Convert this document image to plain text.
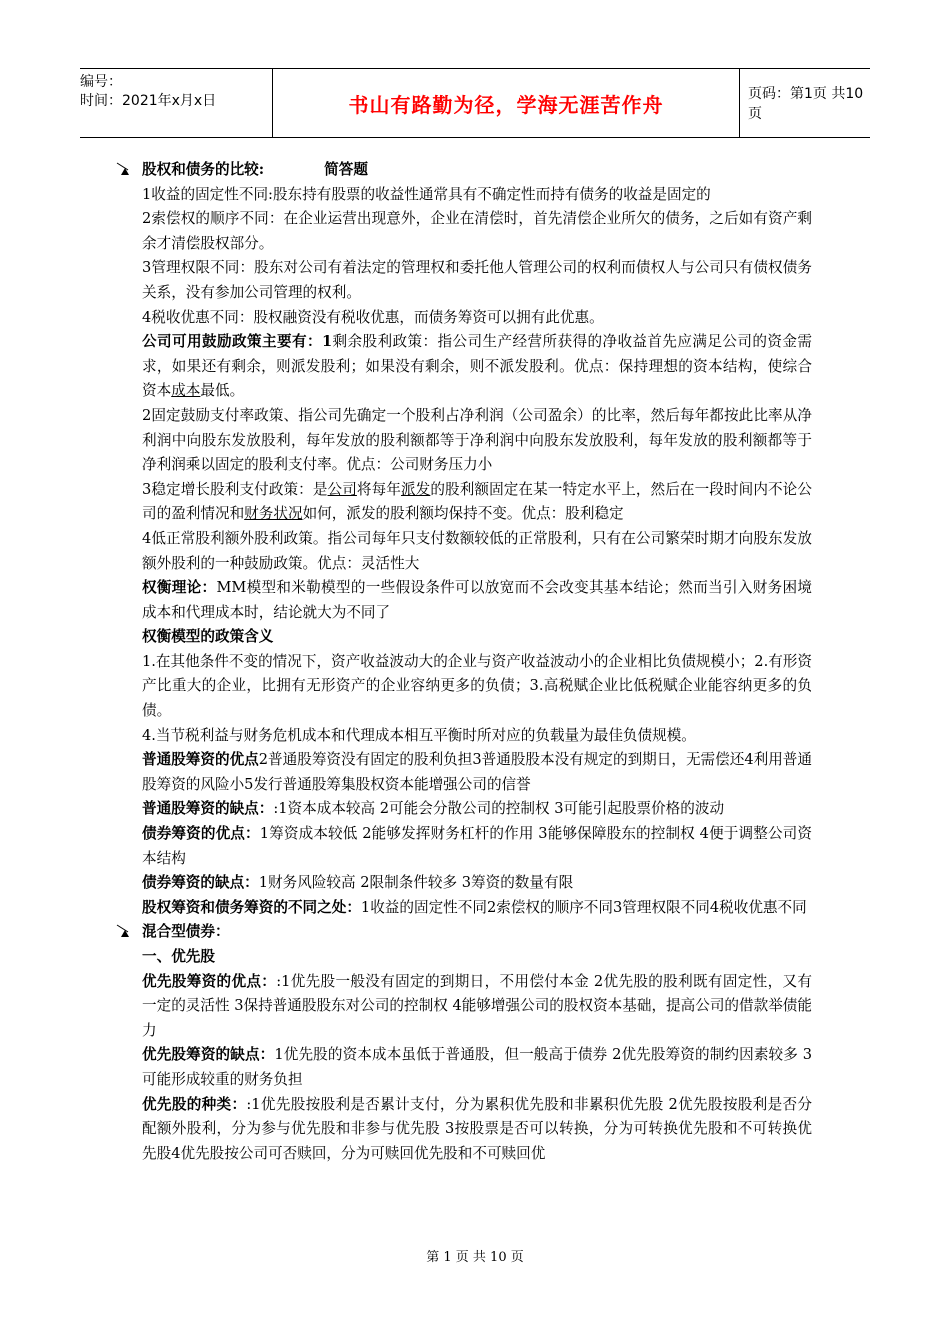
编号：
时间：2021年x月x日	书山有路勤为径，学海无涯苦作舟	页码：第1页 共10页

股权和债务的比较:	简答题

1收益的固定性不同:股东持有股票的收益性通常具有不确定性而持有债务的收益是固定的

2索偿权的顺序不同：在企业运营出现意外，企业在清偿时，首先清偿企业所欠的债务，之后如有资产剩余才清偿股权部分。

3管理权限不同：股东对公司有着法定的管理权和委托他人管理公司的权利而债权人与公司只有债权债务关系，没有参加公司管理的权利。

4税收优惠不同：股权融资没有税收优惠，而债务筹资可以拥有此优惠。

公司可用鼓励政策主要有：1剩余股利政策：指公司生产经营所获得的净收益首先应满足公司的资金需求，如果还有剩余，则派发股利；如果没有剩余，则不派发股利。优点：保持理想的资本结构，使综合资本成本最低。

2固定鼓励支付率政策、指公司先确定一个股利占净利润（公司盈余）的比率，然后每年都按此比率从净利润中向股东发放股利，每年发放的股利额都等于净利润中向股东发放股利，每年发放的股利额都等于净利润乘以固定的股利支付率。优点：公司财务压力小

3稳定增长股利支付政策：是公司将每年派发的股利额固定在某一特定水平上，然后在一段时间内不论公司的盈利情况和财务状况如何，派发的股利额均保持不变。优点：股利稳定

4低正常股利额外股利政策。指公司每年只支付数额较低的正常股利，只有在公司繁荣时期才向股东发放额外股利的一种鼓励政策。优点：灵活性大

权衡理论：MM模型和米勒模型的一些假设条件可以放宽而不会改变其基本结论；然而当引入财务困境成本和代理成本时，结论就大为不同了

权衡模型的政策含义

1.在其他条件不变的情况下，资产收益波动大的企业与资产收益波动小的企业相比负债规模小；2.有形资产比重大的企业，比拥有无形资产的企业容纳更多的负债；3.高税赋企业比低税赋企业能容纳更多的负债。

4.当节税利益与财务危机成本和代理成本相互平衡时所对应的负载量为最佳负债规模。

普通股筹资的优点2普通股筹资没有固定的股利负担3普通股股本没有规定的到期日，无需偿还4利用普通股筹资的风险小5发行普通股筹集股权资本能增强公司的信誉

普通股筹资的缺点：:1资本成本较高 2可能会分散公司的控制权 3可能引起股票价格的波动

债券筹资的优点：1筹资成本较低 2能够发挥财务杠杆的作用 3能够保障股东的控制权 4便于调整公司资本结构

债券筹资的缺点：1财务风险较高 2限制条件较多 3筹资的数量有限

股权筹资和债务筹资的不同之处：1收益的固定性不同2索偿权的顺序不同3管理权限不同4税收优惠不同

混合型债券：

一、优先股

优先股筹资的优点：:1优先股一般没有固定的到期日，不用偿付本金 2优先股的股利既有固定性，又有一定的灵活性 3保持普通股股东对公司的控制权 4能够增强公司的股权资本基础，提高公司的借款举债能力

优先股筹资的缺点：1优先股的资本成本虽低于普通股，但一般高于债券 2优先股筹资的制约因素较多 3可能形成较重的财务负担

优先股的种类：:1优先股按股利是否累计支付，分为累积优先股和非累积优先股 2优先股按股利是否分配额外股利，分为参与优先股和非参与优先股 3按股票是否可以转换，分为可转换优先股和不可转换优先股4优先股按公司可否赎回，分为可赎回优先股和不可赎回优

第 1 页 共 10 页
